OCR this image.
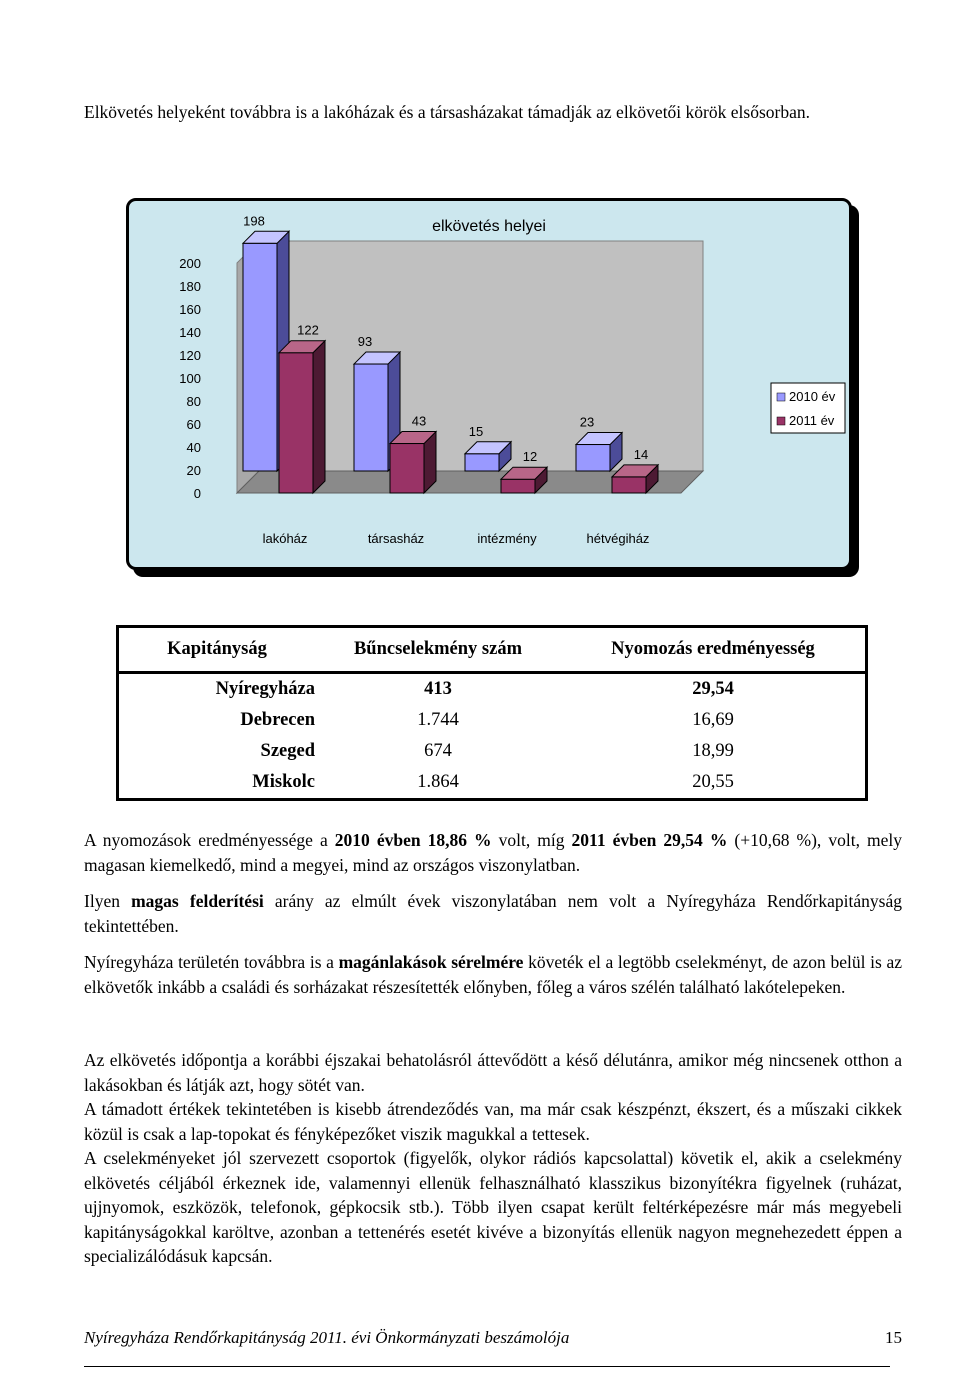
Elkövetés helyeként továbbra is a lakóházak és a társasházakat támadják az elkövetői körök elsősorban.

elkövetés helyei
0
20
40
60
80
100
120
140
160
180
200
198
122
lakóház
93
43
társasház
15
12
intézmény
23
14
hétvégiház
2010 év
2011 év
Kapitányság	Bűncselekmény szám	Nyomozás eredményesség
Nyíregyháza	413	29,54
Debrecen	1.744	16,69
Szeged	674	18,99
Miskolc	1.864	20,55

A nyomozások eredményessége a 2010 évben 18,86 % volt, míg 2011 évben 29,54 % (+10,68 %), volt, mely magasan kiemelkedő, mind a megyei, mind az országos viszonylatban.

Ilyen magas felderítési arány az elmúlt évek viszonylatában nem volt a Nyíregyháza Rendőrkapitányság tekintettében.

Nyíregyháza területén továbbra is a magánlakások sérelmére követék el a legtöbb cselekményt, de azon belül is az elkövetők inkább a családi és sorházakat részesítették előnyben, főleg a város szélén található lakótelepeken.

Az elkövetés időpontja a korábbi éjszakai behatolásról áttevődött a késő délutánra, amikor még nincsenek otthon a lakásokban és látják azt, hogy sötét van.

A támadott értékek tekintetében is kisebb átrendeződés van, ma már csak készpénzt, ékszert, és a műszaki cikkek közül is csak a lap-topokat és fényképezőket viszik magukkal a tettesek.

A cselekményeket jól szervezett csoportok (figyelők, olykor rádiós kapcsolattal) követik el, akik a cselekmény elkövetés céljából érkeznek ide, valamennyi ellenük felhasználható klasszikus bizonyítékra figyelnek (ruházat, ujjnyomok, eszközök, telefonok, gépkocsik stb.). Több ilyen csapat került feltérképezésre már más megyebeli kapitányságokkal karöltve, azonban a tettenérés esetét kivéve a bizonyítás ellenük nagyon megnehezedett éppen a specializálódásuk kapcsán.

Nyíregyháza Rendőrkapitányság 2011. évi Önkormányzati beszámolója	15
